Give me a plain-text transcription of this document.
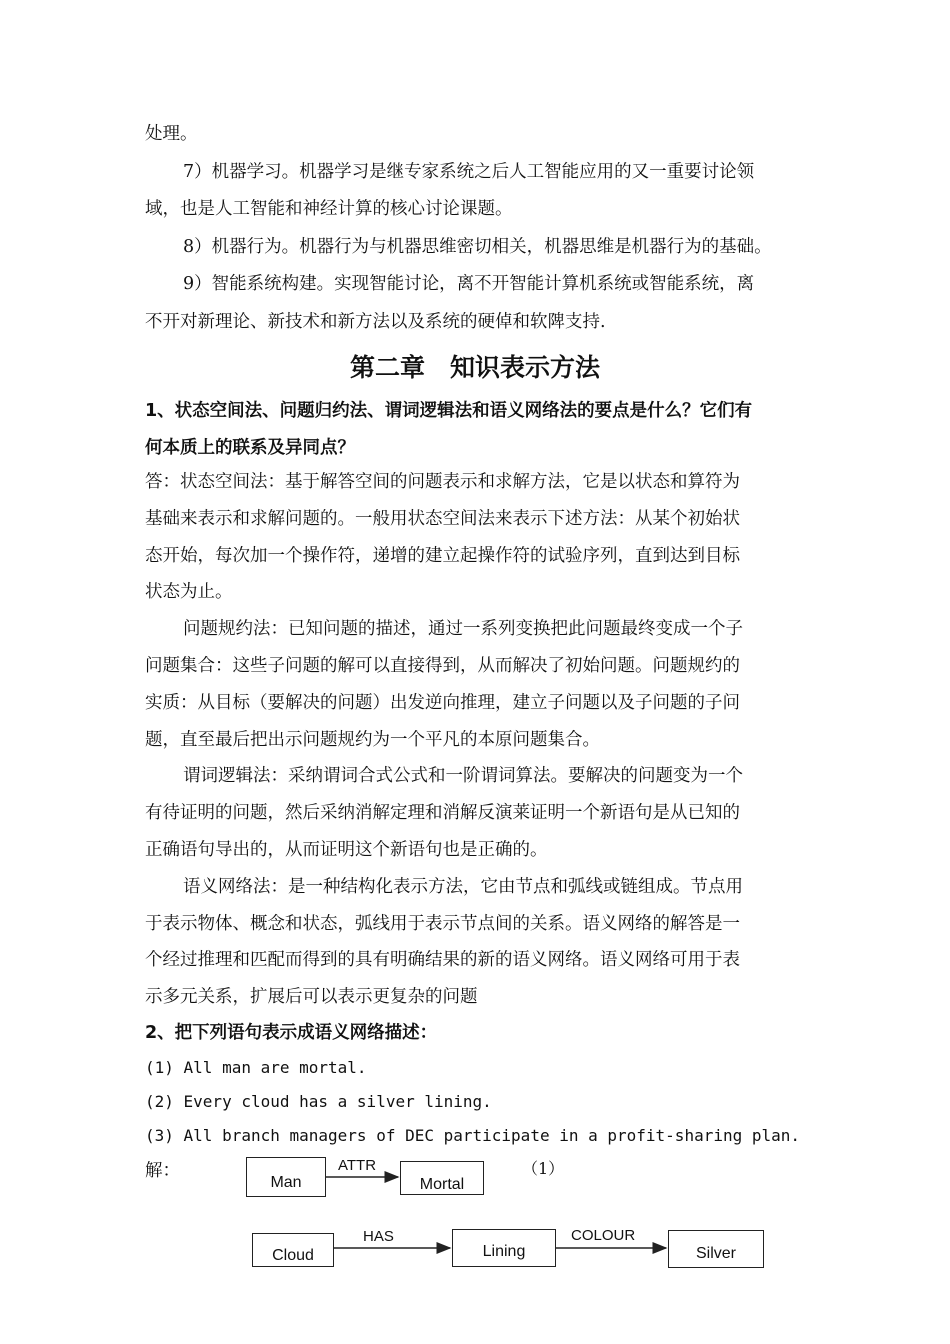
处理。
7）机器学习。机器学习是继专家系统之后人工智能应用的又一重要讨论领
域，也是人工智能和神经计算的核心讨论课题。
8）机器行为。机器行为与机器思维密切相关，机器思维是机器行为的基础。
9）智能系统构建。实现智能讨论，离不开智能计算机系统或智能系统，离
不开对新理论、新技术和新方法以及系统的硬倬和软陴支持.
第二章　知识表示方法
1、状态空间法、问题归约法、谓词逻辑法和语义网络法的要点是什么？它们有
何本质上的联系及异同点？
答：状态空间法：基于解答空间的问题表示和求解方法，它是以状态和算符为
基础来表示和求解问题的。一般用状态空间法来表示下述方法：从某个初始状
态开始，每次加一个操作符，递增的建立起操作符的试验序列，直到达到目标
状态为止。
问题规约法：已知问题的描述，通过一系列变换把此问题最终变成一个子
问题集合：这些子问题的解可以直接得到，从而解决了初始问题。问题规约的
实质：从目标（要解决的问题）出发逆向推理，建立子问题以及子问题的子问
题，直至最后把出示问题规约为一个平凡的本原问题集合。
谓词逻辑法：采纳谓词合式公式和一阶谓词算法。要解决的问题变为一个
有待证明的问题，然后采纳消解定理和消解反演莱证明一个新语句是从已知的
正确语句导出的，从而证明这个新语句也是正确的。
语义网络法：是一种结构化表示方法，它由节点和弧线或链组成。节点用
于表示物体、概念和状态，弧线用于表示节点间的关系。语义网络的解答是一
个经过推理和匹配而得到的具有明确结果的新的语义网络。语义网络可用于表
示多元关系，扩展后可以表示更复杂的问题
2、把下列语句表示成语义网络描述：
(1) All man are mortal.
(2) Every cloud has a silver lining.
(3) All branch managers of DEC participate in a profit-sharing plan.
解：
Man
ATTR
Mortal
（1）
Cloud
HAS
Lining
COLOUR
Silver
